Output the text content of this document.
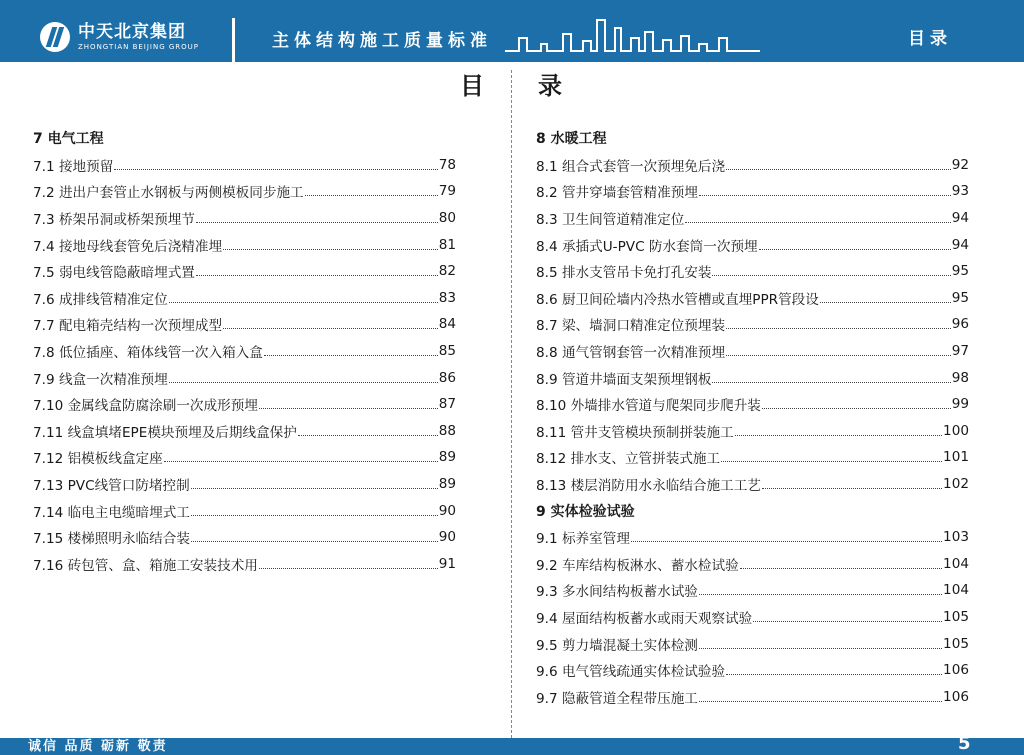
中天北京集团
ZHONGTIAN BEIJING GROUP	主体结构施工质量标准	目录
目 录
7 电气工程
7.1 接地预留	78
7.2 进出户套管止水钢板与两侧模板同步施工	79
7.3 桥架吊洞或桥架预埋节	80
7.4 接地母线套管免后浇精准埋	81
7.5 弱电线管隐蔽暗埋式置	82
7.6 成排线管精准定位	83
7.7 配电箱壳结构一次预埋成型	84
7.8 低位插座、箱体线管一次入箱入盒	85
7.9 线盒一次精准预埋	86
7.10 金属线盒防腐涂刷一次成形预埋	87
7.11 线盒填堵EPE模块预埋及后期线盒保护	88
7.12 铝模板线盒定座	89
7.13 PVC线管口防堵控制	89
7.14 临电主电缆暗埋式工	90
7.15 楼梯照明永临结合装	90
7.16 砖包管、盒、箱施工安装技术用	91
8 水暖工程
8.1 组合式套管一次预埋免后浇	92
8.2 管井穿墙套管精准预埋	93
8.3 卫生间管道精准定位	94
8.4 承插式U-PVC 防水套筒一次预埋	94
8.5 排水支管吊卡免打孔安装	95
8.6 厨卫间砼墙内冷热水管槽或直埋PPR管段设	95
8.7 梁、墙洞口精准定位预埋装	96
8.8 通气管钢套管一次精准预埋	97
8.9 管道井墙面支架预埋钢板	98
8.10 外墙排水管道与爬架同步爬升装	99
8.11 管井支管模块预制拼装施工	100
8.12 排水支、立管拼装式施工	101
8.13 楼层消防用水永临结合施工工艺	102
9 实体检验试验
9.1 标养室管理	103
9.2 车库结构板淋水、蓄水检试验	104
9.3 多水间结构板蓄水试验	104
9.4 屋面结构板蓄水或雨天观察试验	105
9.5 剪力墙混凝土实体检测	105
9.6 电气管线疏通实体检试验验	106
9.7 隐蔽管道全程带压施工	106
诚信 品质 砺新 敬责	5
